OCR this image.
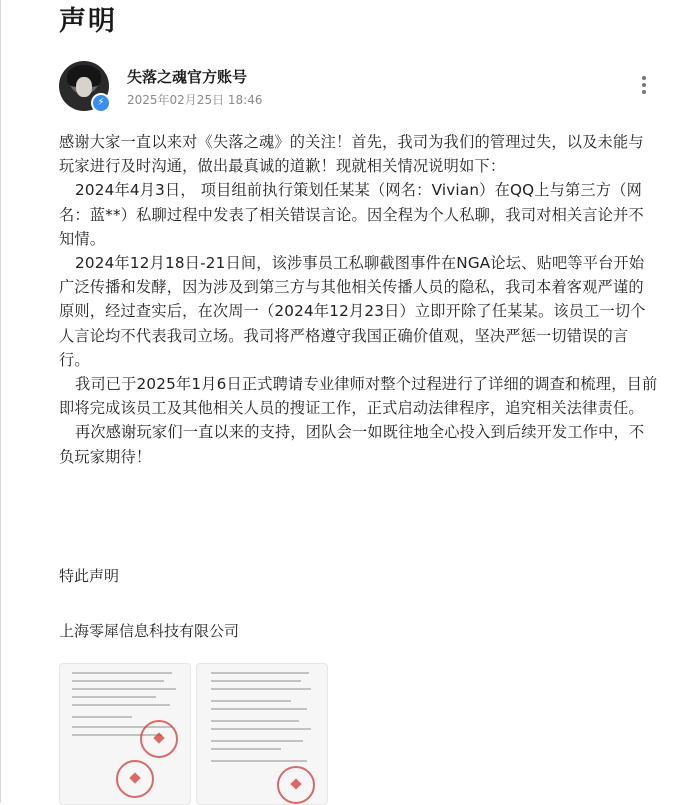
声明
⚡
失落之魂官方账号
2025年02月25日 18:46

感谢大家一直以来对《失落之魂》的关注！首先，我司为我们的管理过失，以及未能与玩家进行及时沟通，做出最真诚的道歉！现就相关情况说明如下：

2024年4月3日， 项目组前执行策划任某某（网名：Vivian）在QQ上与第三方（网名：蓝**）私聊过程中发表了相关错误言论。因全程为个人私聊，我司对相关言论并不知情。

2024年12月18日-21日间，该涉事员工私聊截图事件在NGA论坛、贴吧等平台开始广泛传播和发酵，因为涉及到第三方与其他相关传播人员的隐私，我司本着客观严谨的原则，经过查实后，在次周一（2024年12月23日）立即开除了任某某。该员工一切个人言论均不代表我司立场。我司将严格遵守我国正确价值观，坚决严惩一切错误的言行。

我司已于2025年1月6日正式聘请专业律师对整个过程进行了详细的调查和梳理，目前即将完成该员工及其他相关人员的搜证工作，正式启动法律程序，追究相关法律责任。

再次感谢玩家们一直以来的支持，团队会一如既往地全心投入到后续开发工作中，不负玩家期待！

特此声明
上海零犀信息科技有限公司
